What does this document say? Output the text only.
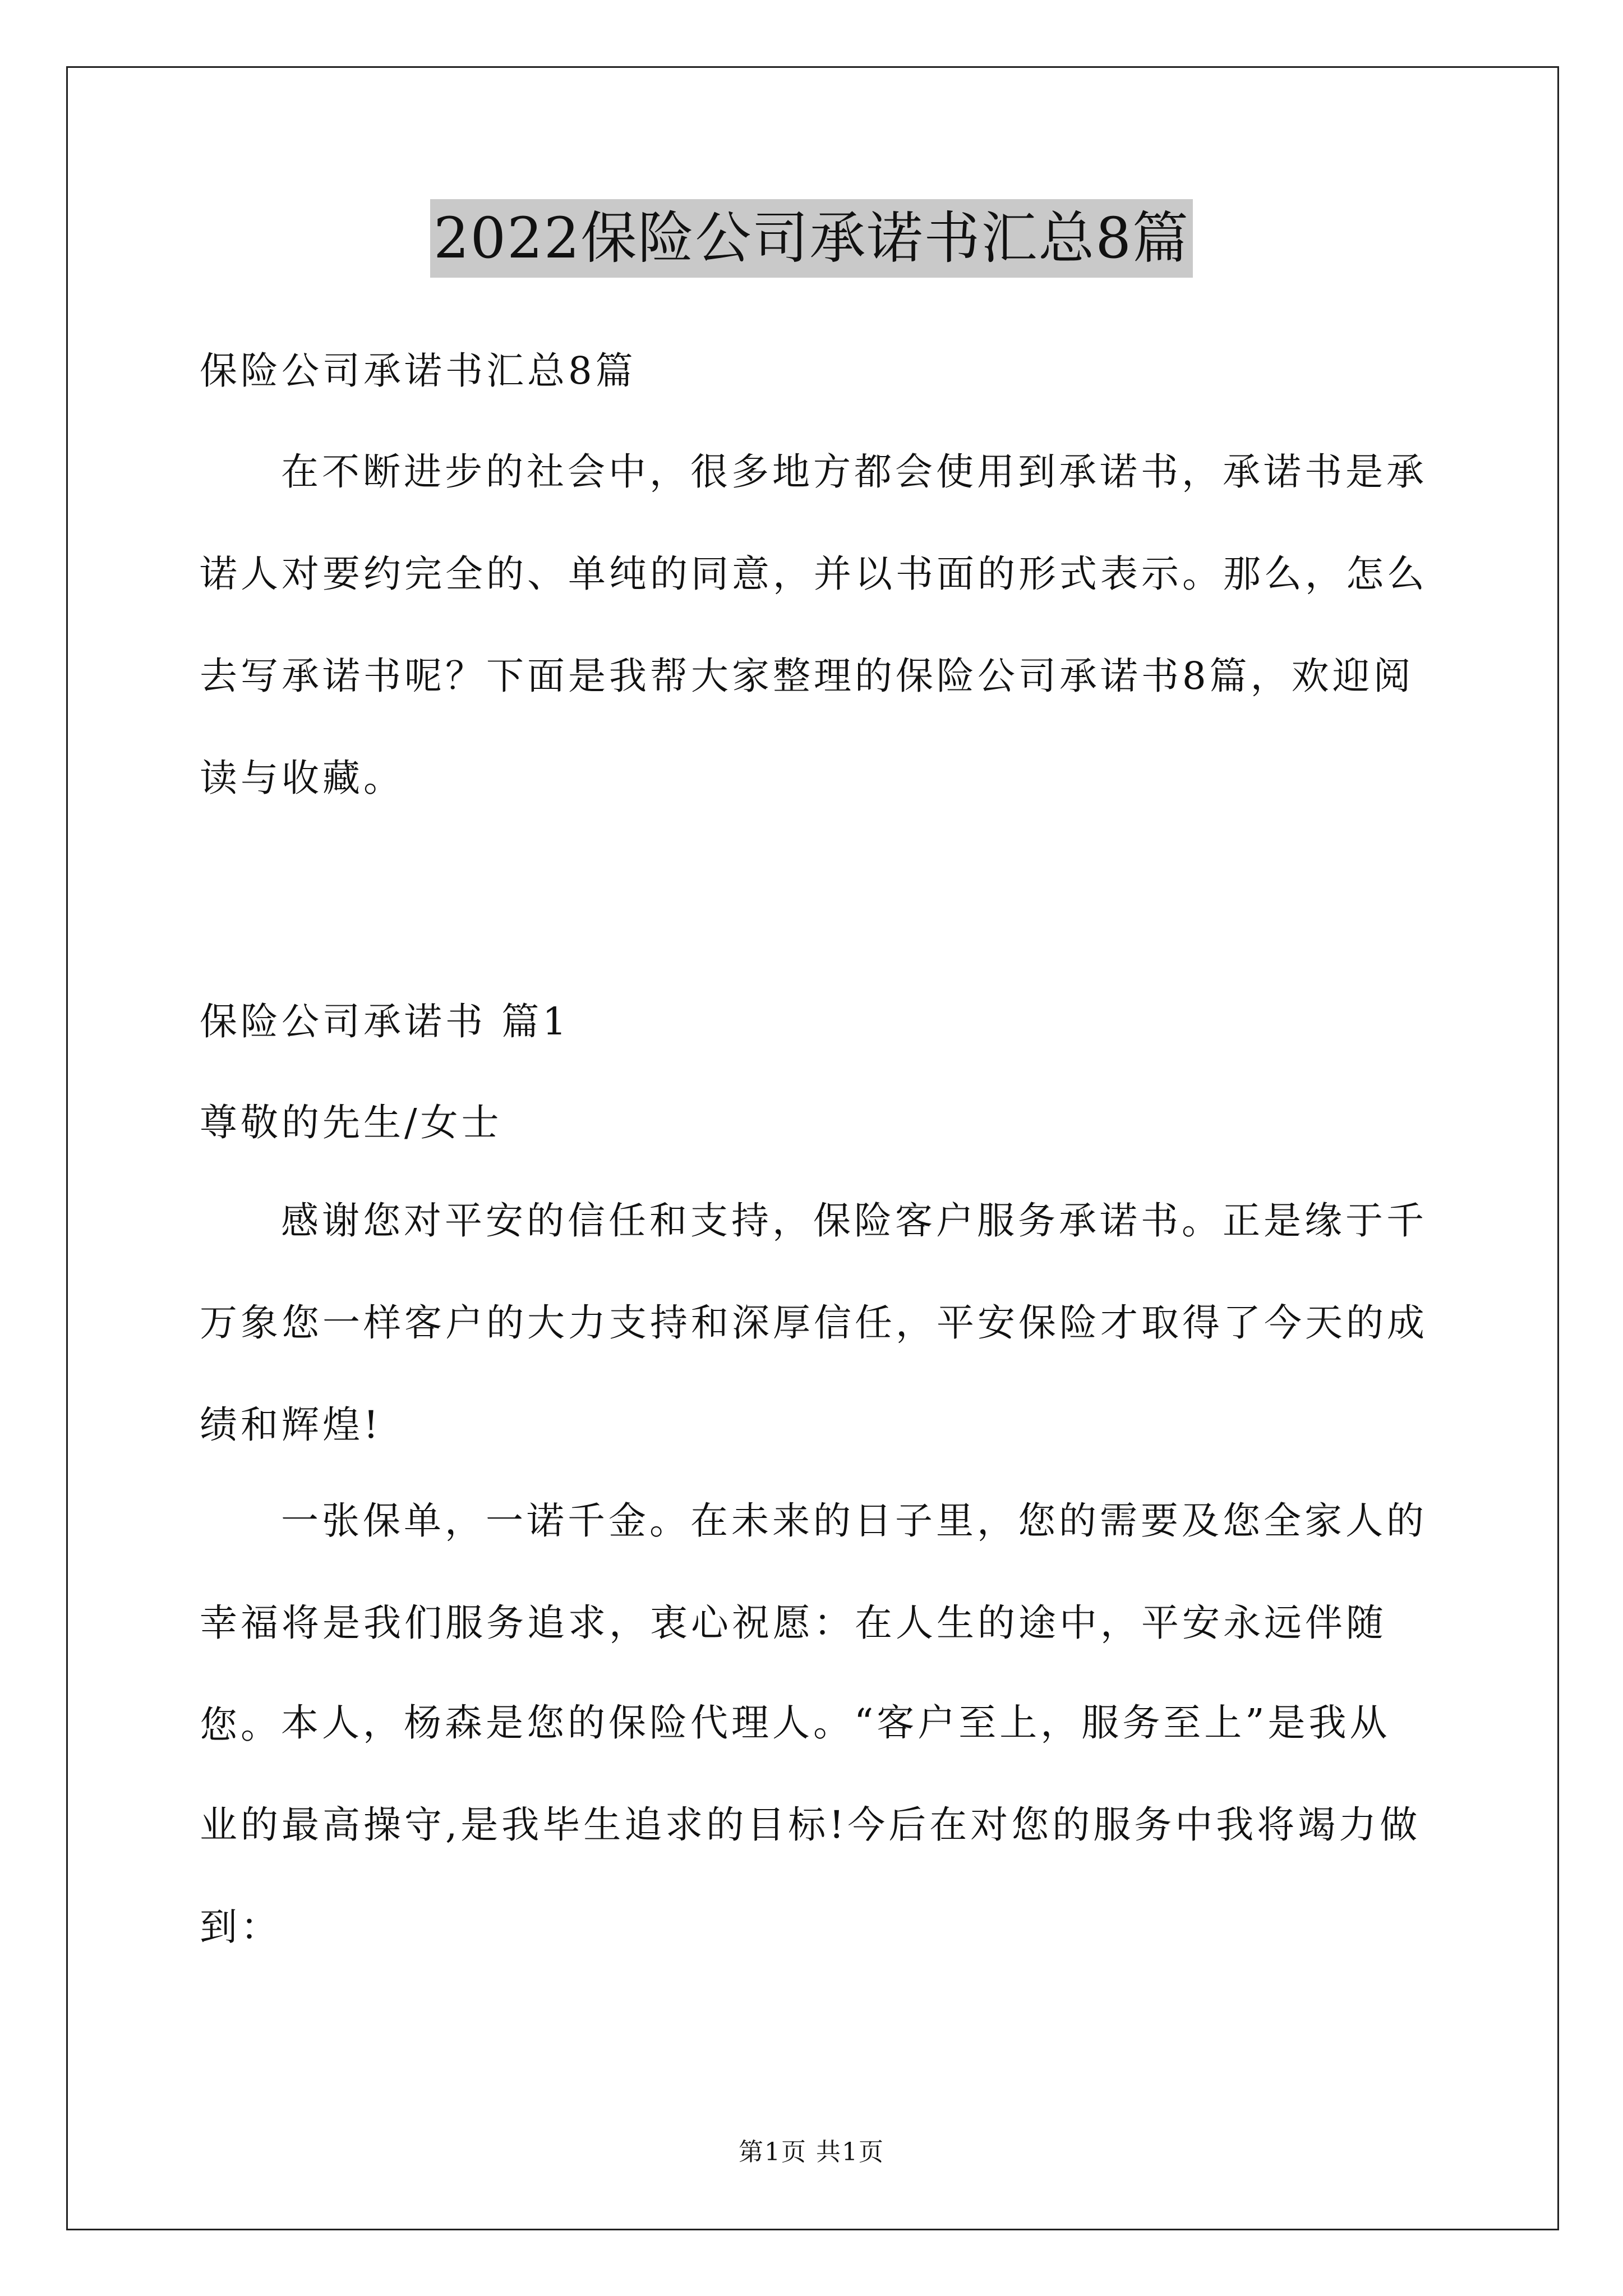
2022保险公司承诺书汇总8篇

保险公司承诺书汇总8篇

在不断进步的社会中，很多地方都会使用到承诺书，承诺书是承诺人对要约完全的、单纯的同意，并以书面的形式表示。那么，怎么去写承诺书呢？下面是我帮大家整理的保险公司承诺书8篇，欢迎阅读与收藏。

保险公司承诺书 篇1

尊敬的先生/女士

感谢您对平安的信任和支持，保险客户服务承诺书。正是缘于千万象您一样客户的大力支持和深厚信任，平安保险才取得了今天的成绩和辉煌!

一张保单，一诺千金。在未来的日子里，您的需要及您全家人的幸福将是我们服务追求，衷心祝愿：在人生的途中，平安永远伴随您。 本人，杨森是您的保险代理人。“客户至上，服务至上”是我从业的最高操守,是我毕生追求的目标!今后在对您的服务中我将竭力做到：

第1页 共1页
